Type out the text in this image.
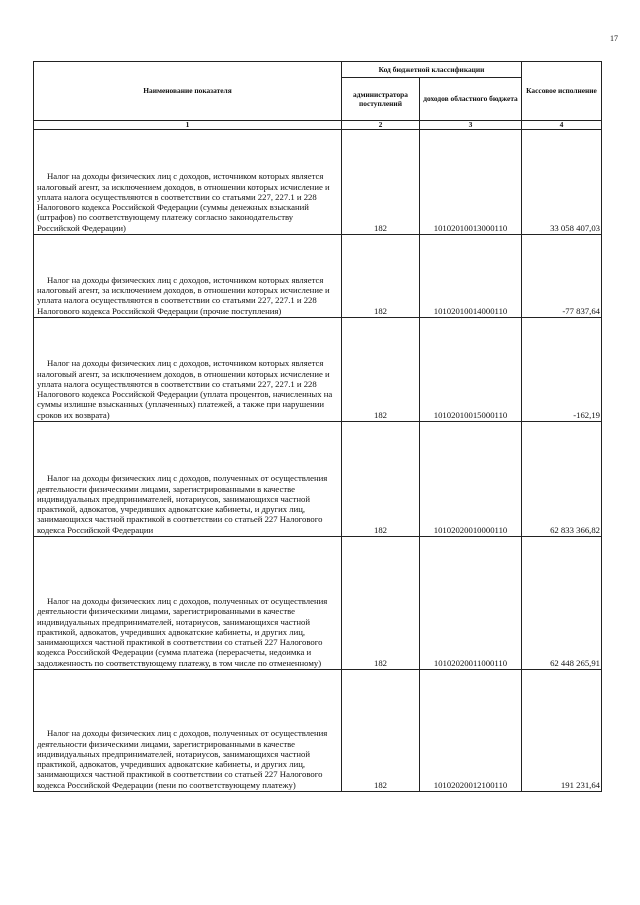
17
Наименование показателя	Код бюджетной классификации		Кассовое исполнение
	администратора поступлений	доходов областного бюджета	
1	2	3	4

Налог на доходы физических лиц с доходов, источником которых является налоговый агент, за исключением доходов, в отношении которых исчисление и уплата налога осуществляются в соответствии со статьями 227, 227.1 и 228 Налогового кодекса Российской Федерации (суммы денежных взысканий (штрафов) по соответствующему платежу согласно законодательству Российской Федерации)	182	10102010013000110	33 058 407,03

Налог на доходы физических лиц с доходов, источником которых является налоговый агент, за исключением доходов, в отношении которых исчисление и уплата налога осуществляются в соответствии со статьями 227, 227.1 и 228 Налогового кодекса Российской Федерации (прочие поступления)	182	10102010014000110	-77 837,64

Налог на доходы физических лиц с доходов, источником которых является налоговый агент, за исключением доходов, в отношении которых исчисление и уплата налога осуществляются в соответствии со статьями 227, 227.1 и 228 Налогового кодекса Российской Федерации (уплата процентов, начисленных на суммы излишне взысканных (уплаченных) платежей, а также при нарушении сроков их возврата)	182	10102010015000110	-162,19

Налог на доходы физических лиц с доходов, полученных от осуществления деятельности физическими лицами, зарегистрированными в качестве индивидуальных предпринимателей, нотариусов, занимающихся частной практикой, адвокатов, учредивших адвокатские кабинеты, и других лиц, занимающихся частной практикой в соответствии со статьей 227 Налогового кодекса Российской Федерации	182	10102020010000110	62 833 366,82

Налог на доходы физических лиц с доходов, полученных от осуществления деятельности физическими лицами, зарегистрированными в качестве индивидуальных предпринимателей, нотариусов, занимающихся частной практикой, адвокатов, учредивших адвокатские кабинеты, и других лиц, занимающихся частной практикой в соответствии со статьей 227 Налогового кодекса Российской Федерации (сумма платежа (перерасчеты, недоимка и задолженность по соответствующему платежу, в том числе по отмененному)	182	10102020011000110	62 448 265,91

Налог на доходы физических лиц с доходов, полученных от осуществления деятельности физическими лицами, зарегистрированными в качестве индивидуальных предпринимателей, нотариусов, занимающихся частной практикой, адвокатов, учредивших адвокатские кабинеты, и других лиц, занимающихся частной практикой в соответствии со статьей 227 Налогового кодекса Российской Федерации (пени по соответствующему платежу)	182	10102020012100110	191 231,64
